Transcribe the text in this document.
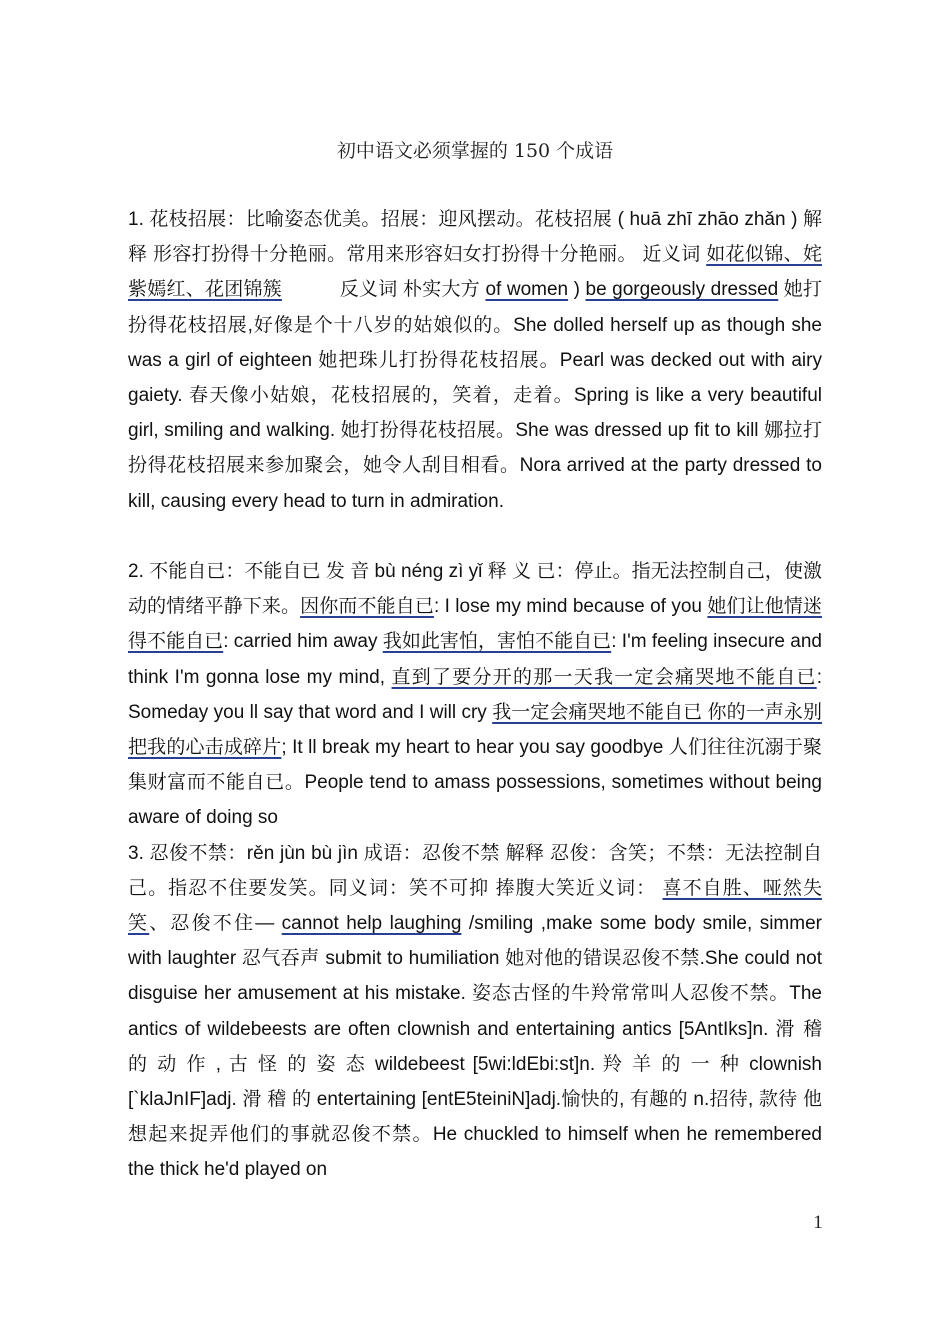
初中语文必须掌握的 150 个成语

1. 花枝招展：比喻姿态优美。招展：迎风摆动。花枝招展 ( huā zhī zhāo zhǎn ) 解 释 形容打扮得十分艳丽。常用来形容妇女打扮得十分艳丽。 近义词 如花似锦、姹紫嫣红、花团锦簇　　　反义词 朴实大方 of women ) be gorgeously dressed 她打扮得花枝招展,好像是个十八岁的姑娘似的。She dolled herself up as though she was a girl of eighteen 她把珠儿打扮得花枝招展。Pearl was decked out with airy gaiety. 春天像小姑娘，花枝招展的，笑着，走着。Spring is like a very beautiful girl, smiling and walking. 她打扮得花枝招展。She was dressed up fit to kill 娜拉打扮得花枝招展来参加聚会，她令人刮目相看。Nora arrived at the party dressed to kill, causing every head to turn in admiration.

2. 不能自已：不能自已 发 音 bù néng zì yǐ 释 义 已：停止。指无法控制自己，使激动的情绪平静下来。因你而不能自已: I lose my mind because of you 她们让他情迷得不能自已: carried him away 我如此害怕，害怕不能自已: I'm feeling insecure and think I'm gonna lose my mind, 直到了要分开的那一天我一定会痛哭地不能自已: Someday you ll say that word and I will cry 我一定会痛哭地不能自已 你的一声永别把我的心击成碎片; It ll break my heart to hear you say goodbye 人们往往沉溺于聚集财富而不能自已。People tend to amass possessions, sometimes without being aware of doing so

3. 忍俊不禁：rěn jùn bù jìn 成语：忍俊不禁 解释 忍俊：含笑；不禁：无法控制自己。指忍不住要发笑。同义词：笑不可抑 捧腹大笑近义词： 喜不自胜、哑然失笑、忍俊不住— cannot help laughing /smiling ,make some body smile, simmer with laughter 忍气吞声 submit to humiliation 她对他的错误忍俊不禁.She could not disguise her amusement at his mistake. 姿态古怪的牛羚常常叫人忍俊不禁。The antics of wildebeests are often clownish and entertaining antics [5AntIks]n. 滑 稽 的 动 作 , 古 怪 的 姿 态 wildebeest [5wi:ldEbi:st]n. 羚 羊 的 一 种 clownish [`klaJnIF]adj. 滑 稽 的 entertaining [entE5teiniN]adj.愉快的, 有趣的 n.招待, 款待 他想起来捉弄他们的事就忍俊不禁。He chuckled to himself when he remembered the thick he'd played on

1
